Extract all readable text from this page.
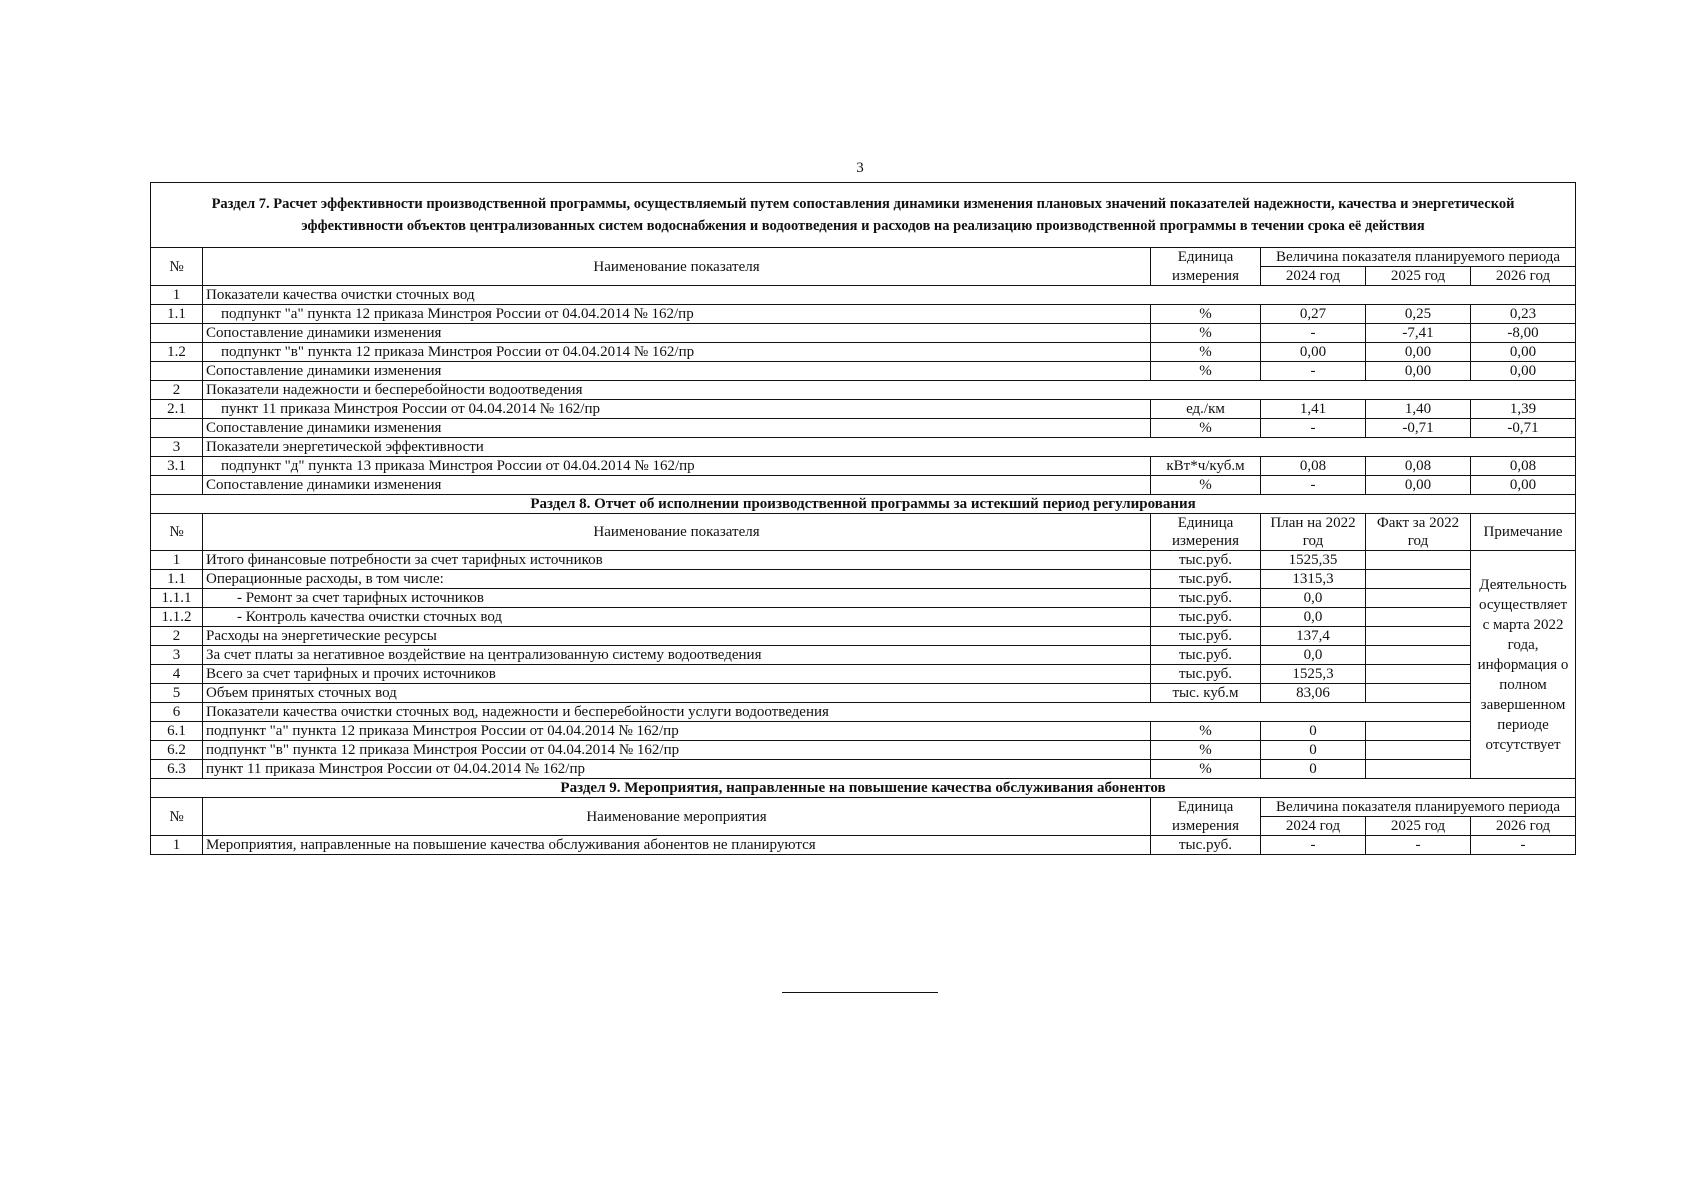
3
Раздел 7. Расчет эффективности производственной программы, осуществляемый путем сопоставления динамики изменения плановых значений показателей надежности, качества и энергетической эффективности объектов централизованных систем водоснабжения и водоотведения и расходов на реализацию производственной программы в течении срока её действия					
№	Наименование показателя	Единица	Величина показателя планируемого периода		
		измерения	2024 год	2025 год	2026 год
1	Показатели качества очистки сточных вод				
1.1	подпункт "а" пункта 12 приказа Минстроя России от 04.04.2014 № 162/пр	%	0,27	0,25	0,23
	Сопоставление динамики изменения	%	-	-7,41	-8,00
1.2	подпункт "в" пункта 12 приказа Минстроя России от 04.04.2014 № 162/пр	%	0,00	0,00	0,00
	Сопоставление динамики изменения	%	-	0,00	0,00
2	Показатели надежности и бесперебойности водоотведения				
2.1	пункт 11 приказа Минстроя России от 04.04.2014 № 162/пр	ед./км	1,41	1,40	1,39
	Сопоставление динамики изменения	%	-	-0,71	-0,71
3	Показатели энергетической эффективности				
3.1	подпункт "д" пункта 13 приказа Минстроя России от 04.04.2014 № 162/пр	кВт*ч/куб.м	0,08	0,08	0,08
	Сопоставление динамики изменения	%	-	0,00	0,00
Раздел 8. Отчет об исполнении производственной программы за истекший период регулирования					
№	Наименование показателя	Единица	План на 2022	Факт за 2022	Примечание
		измерения	год	год	
1	Итого финансовые потребности за счет тарифных источников	тыс.руб.	1525,35		Деятельность осуществляет с марта 2022 года, информация о полном завершенном периоде отсутствует
1.1	Операционные расходы, в том числе:	тыс.руб.	1315,3		
1.1.1	- Ремонт за счет тарифных источников	тыс.руб.	0,0		
1.1.2	- Контроль качества очистки сточных вод	тыс.руб.	0,0		
2	Расходы на энергетические ресурсы	тыс.руб.	137,4		
3	За счет платы за негативное воздействие на централизованную систему водоотведения	тыс.руб.	0,0		
4	Всего за счет тарифных и прочих источников	тыс.руб.	1525,3		
5	Объем принятых сточных вод	тыс. куб.м	83,06		
6	Показатели качества очистки сточных вод, надежности и бесперебойности услуги водоотведения				
6.1	подпункт "а" пункта 12 приказа Минстроя России от 04.04.2014 № 162/пр	%	0		
6.2	подпункт "в" пункта 12 приказа Минстроя России от 04.04.2014 № 162/пр	%	0		
6.3	пункт 11 приказа Минстроя России от 04.04.2014 № 162/пр	%	0		
Раздел 9. Мероприятия, направленные на повышение качества обслуживания абонентов					
№	Наименование мероприятия	Единица	Величина показателя планируемого периода		
		измерения	2024 год	2025 год	2026 год
1	Мероприятия, направленные на повышение качества обслуживания абонентов не планируются	тыс.руб.	-	-	-
